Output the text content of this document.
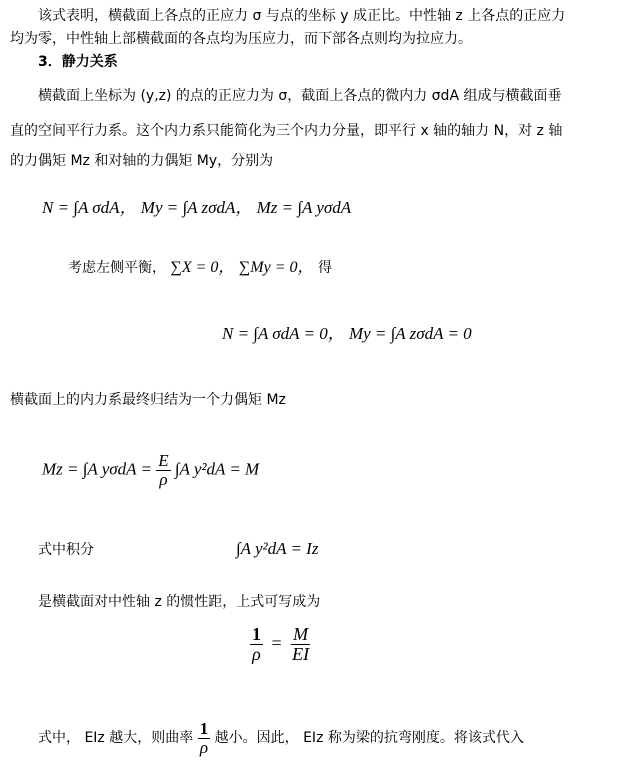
该式表明，横截面上各点的正应力 σ 与点的坐标 y 成正比。中性轴 z 上各点的正应力
均为零，中性轴上部横截面的各点均为压应力，而下部各点则均为拉应力。
3．静力关系
横截面上坐标为 (y,z) 的点的正应力为 σ，截面上各点的微内力 σdA 组成与横截面垂
直的空间平行力系。这个内力系只能简化为三个内力分量，即平行 x 轴的轴力 N，对 z 轴
的力偶矩 Mz 和对轴的力偶矩 My，分别为
N = ∫A σdA， My = ∫A zσdA， Mz = ∫A yσdA
考虑左侧平衡， ∑X = 0， ∑My = 0， 得
N = ∫A σdA = 0， My = ∫A zσdA = 0
横截面上的内力系最终归结为一个力偶矩 Mz
Mz = ∫A $y\sigma dA = \frac{E}{\rho} \int A$ y²dA = M
式中积分	∫A y²dA = Iz
是横截面对中性轴 z 的惯性距，上式可写成为
$\frac{1}{\rho} = \frac{M}{EI}$
式中， EIz 越大，则曲率 $\frac{1}{\rho}$ 越小。因此， EIz 称为梁的抗弯刚度。将该式代入
